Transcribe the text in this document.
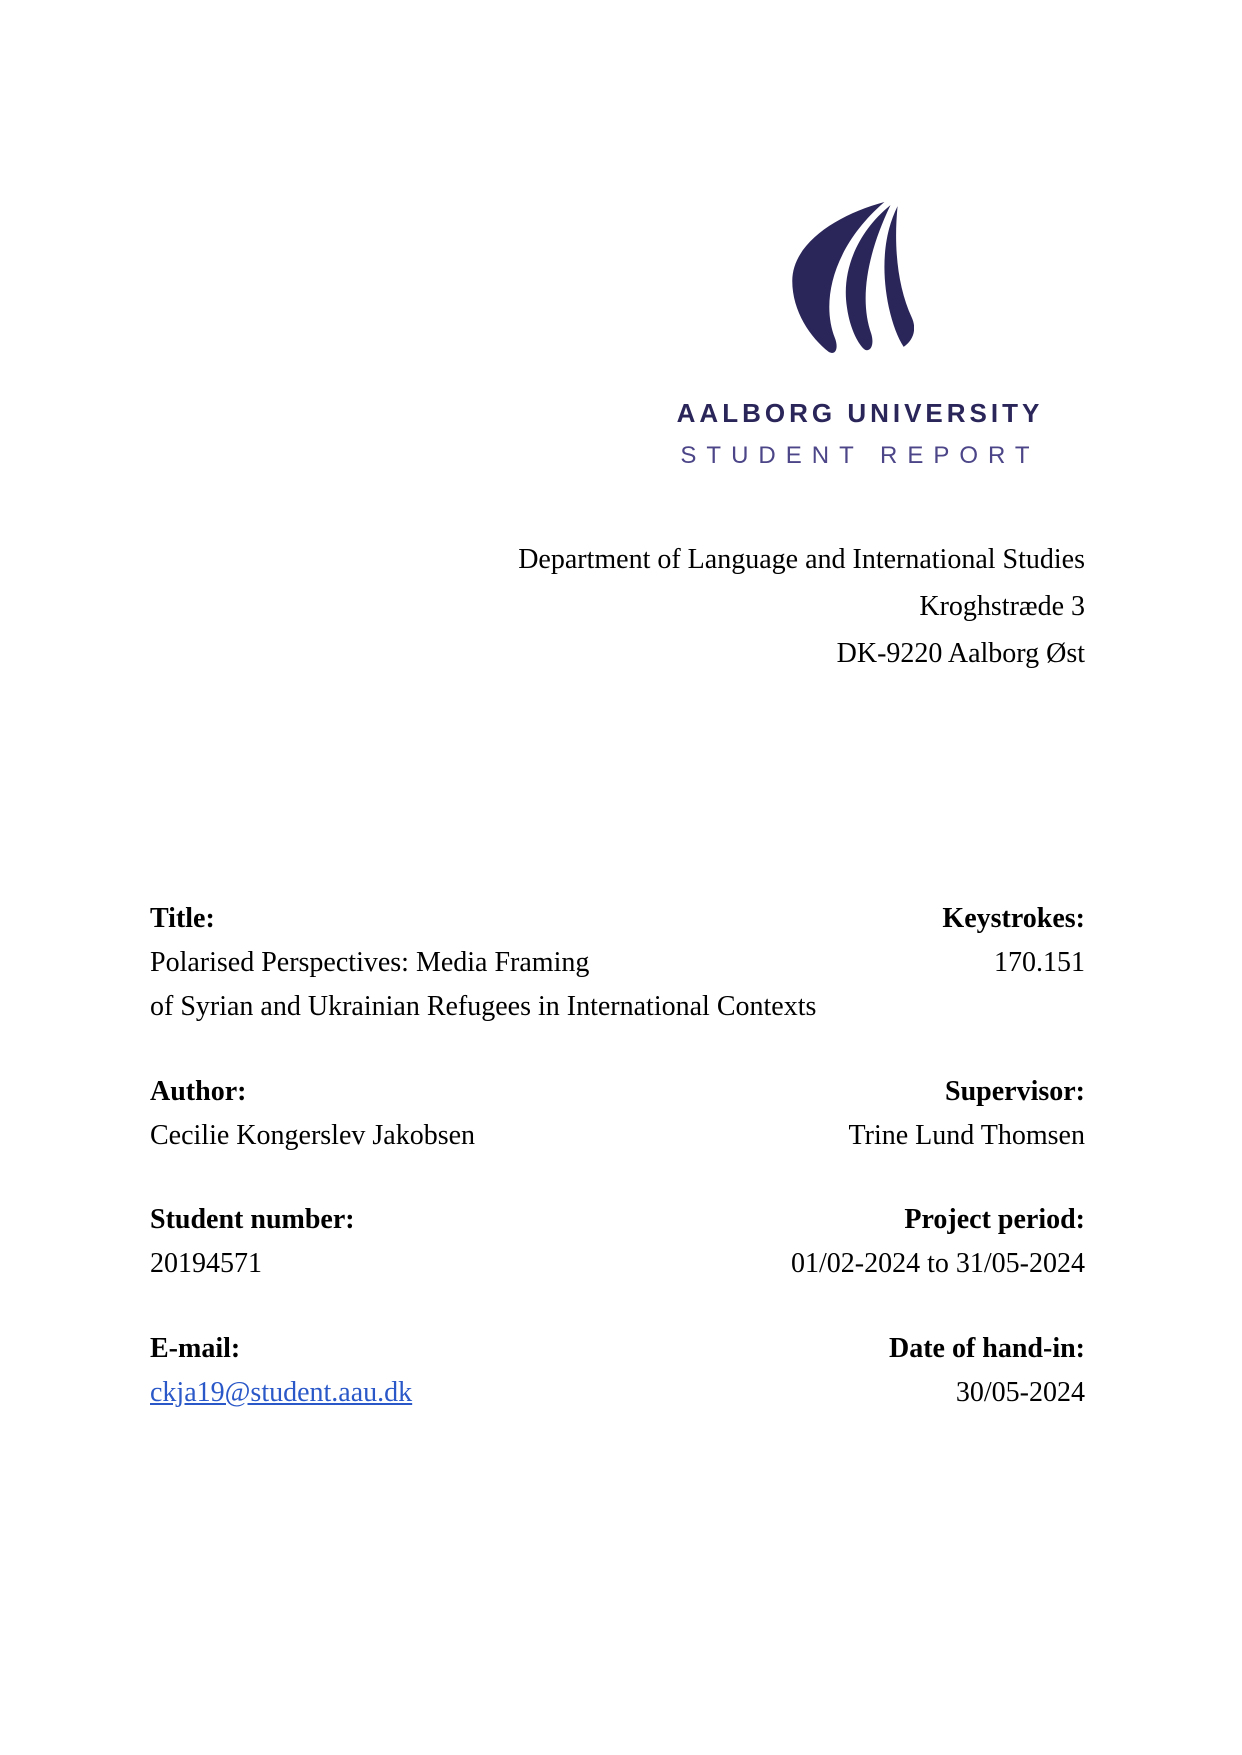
AALBORG UNIVERSITY
STUDENT REPORT
Department of Language and International Studies
Kroghstræde 3
DK-9220 Aalborg Øst
Title:
Polarised Perspectives: Media Framing
of Syrian and Ukrainian Refugees in International Contexts
Keystrokes:
170.151
Author:
Cecilie Kongerslev Jakobsen
Supervisor:
Trine Lund Thomsen
Student number:
20194571
Project period:
01/02-2024 to 31/05-2024
E-mail:
ckja19@student.aau.dk
Date of hand-in:
30/05-2024
